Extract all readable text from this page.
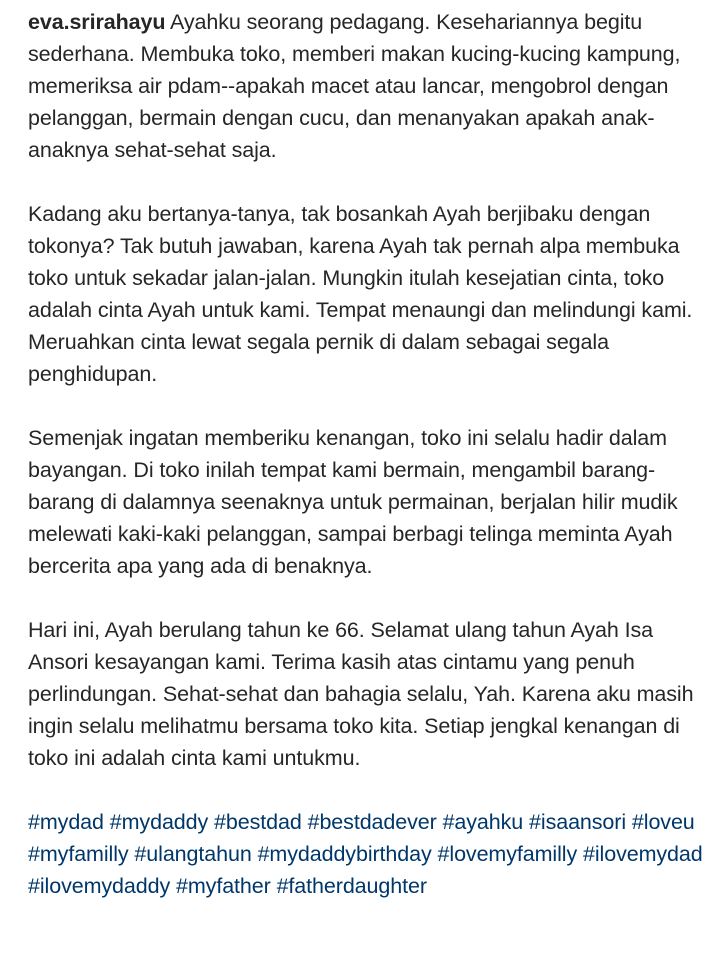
eva.srirahayu Ayahku seorang pedagang. Kesehariannya begitu sederhana. Membuka toko, memberi makan kucing-kucing kampung, memeriksa air pdam--apakah macet atau lancar, mengobrol dengan pelanggan, bermain dengan cucu, dan menanyakan apakah anak-anaknya sehat-sehat saja.

Kadang aku bertanya-tanya, tak bosankah Ayah berjibaku dengan tokonya? Tak butuh jawaban, karena Ayah tak pernah alpa membuka toko untuk sekadar jalan-jalan. Mungkin itulah kesejatian cinta, toko adalah cinta Ayah untuk kami. Tempat menaungi dan melindungi kami. Meruahkan cinta lewat segala pernik di dalam sebagai segala penghidupan.

Semenjak ingatan memberiku kenangan, toko ini selalu hadir dalam bayangan. Di toko inilah tempat kami bermain, mengambil barang-barang di dalamnya seenaknya untuk permainan, berjalan hilir mudik melewati kaki-kaki pelanggan, sampai berbagi telinga meminta Ayah bercerita apa yang ada di benaknya.

Hari ini, Ayah berulang tahun ke 66. Selamat ulang tahun Ayah Isa Ansori kesayangan kami. Terima kasih atas cintamu yang penuh perlindungan. Sehat-sehat dan bahagia selalu, Yah. Karena aku masih ingin selalu melihatmu bersama toko kita. Setiap jengkal kenangan di toko ini adalah cinta kami untukmu.

#mydad #mydaddy #bestdad #bestdadever #ayahku #isaansori #loveu #myfamilly #ulangtahun #mydaddybirthday #lovemyfamilly #ilovemydad #ilovemydaddy #myfather #fatherdaughter
